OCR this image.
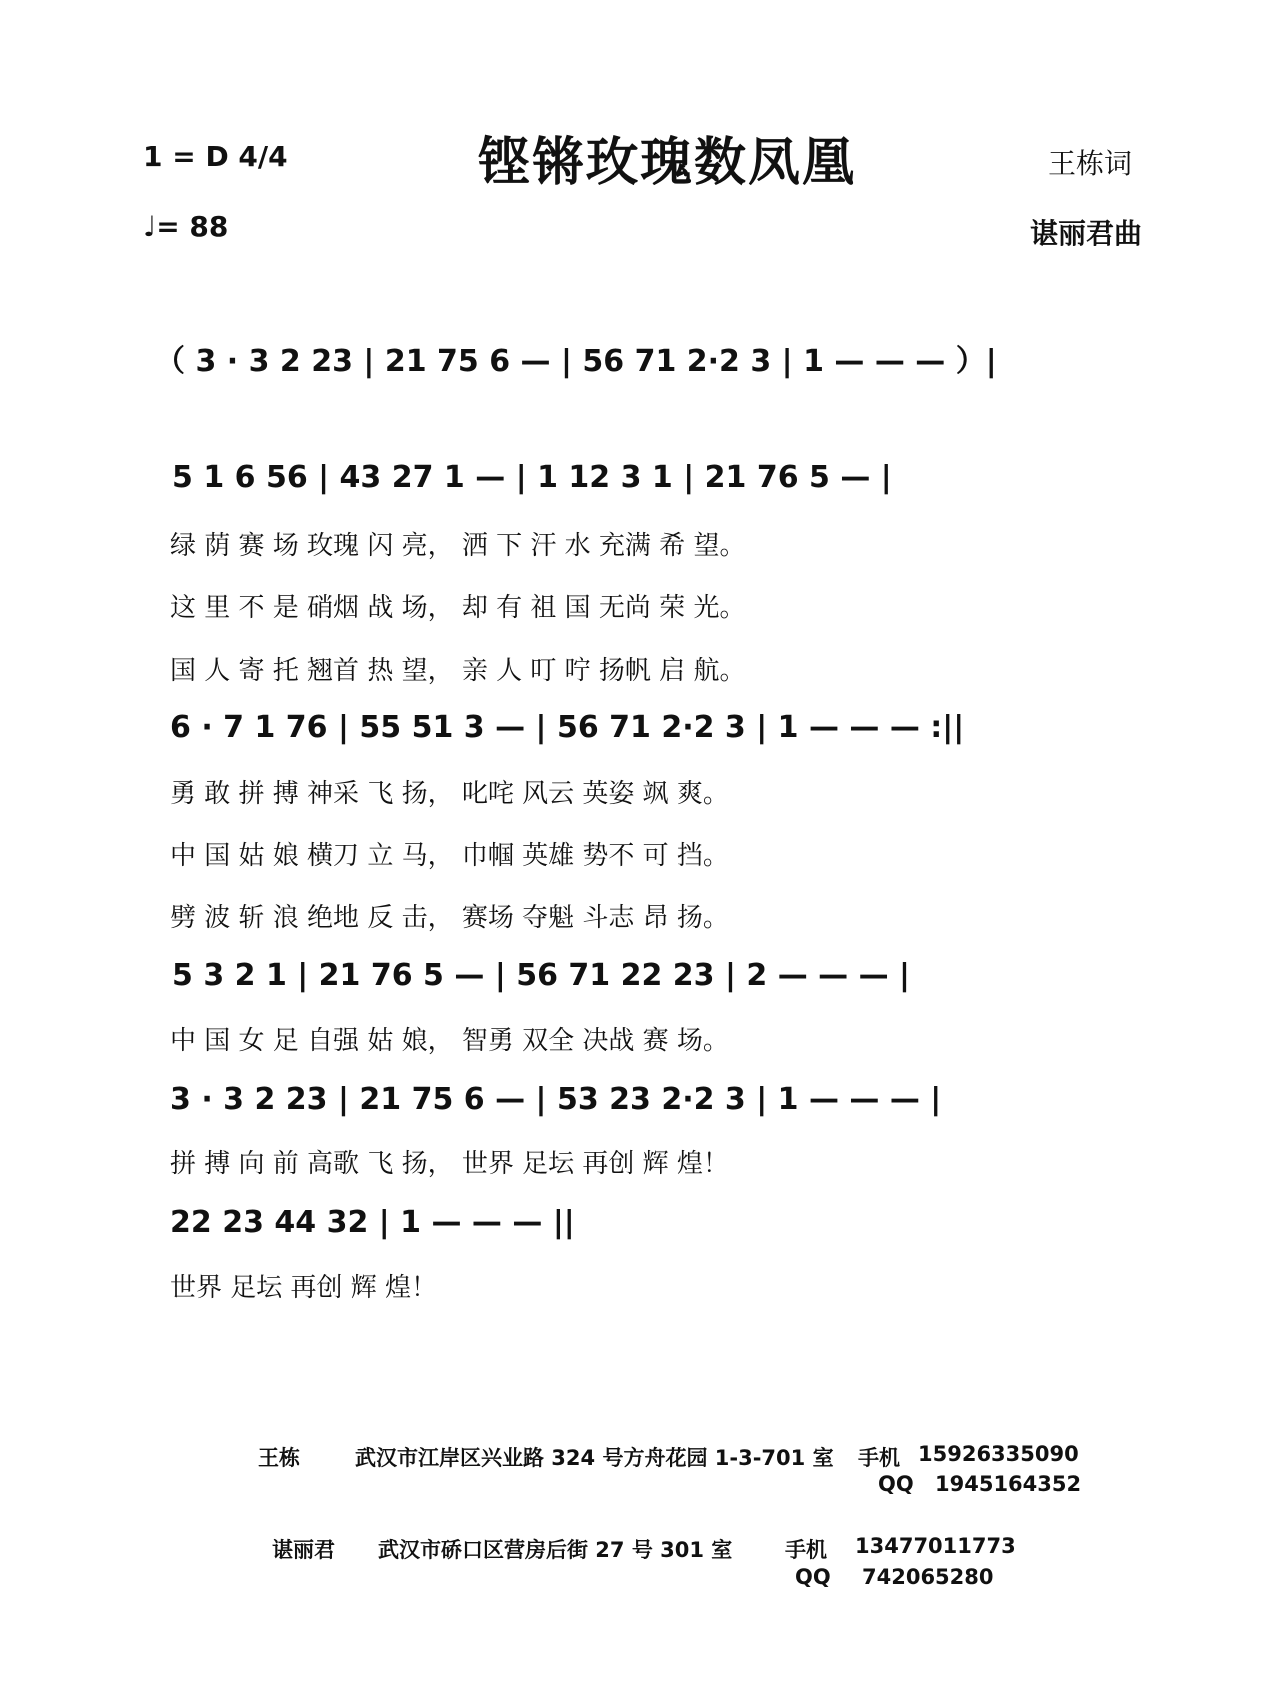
1 = D 4/4
♩= 88
铿锵玫瑰数凤凰	王栋词
谌丽君曲
（ 3 · 3 2 23 | 21 75 6 — | 56 71 2·2 3 | 1 — — — ）|
5 1 6 56 | 43 27 1 — | 1 12 3 1 | 21 76 5 — |
绿 荫 赛 场 玫瑰 闪 亮， 洒 下 汗 水 充满 希 望。
这 里 不 是 硝烟 战 场， 却 有 祖 国 无尚 荣 光。
国 人 寄 托 翘首 热 望， 亲 人 叮 咛 扬帆 启 航。
6 · 7 1 76 | 55 51 3 — | 56 71 2·2 3 | 1 — — — :||
勇 敢 拼 搏 神采 飞 扬， 叱咤 风云 英姿 飒 爽。
中 国 姑 娘 横刀 立 马， 巾帼 英雄 势不 可 挡。
劈 波 斩 浪 绝地 反 击， 赛场 夺魁 斗志 昂 扬。
5 3 2 1 | 21 76 5 — | 56 71 22 23 | 2 — — — |
中 国 女 足 自强 姑 娘， 智勇 双全 决战 赛 场。
3 · 3 2 23 | 21 75 6 — | 53 23 2·2 3 | 1 — — — |
拼 搏 向 前 高歌 飞 扬， 世界 足坛 再创 辉 煌！
22 23 44 32 | 1 — — — ||
世界 足坛 再创 辉 煌！
王栋	武汉市江岸区兴业路 324 号方舟花园 1-3-701 室 手机 15926335090
QQ 1945164352
谌丽君 武汉市硚口区营房后街 27 号 301 室	手机 13477011773
QQ 742065280
